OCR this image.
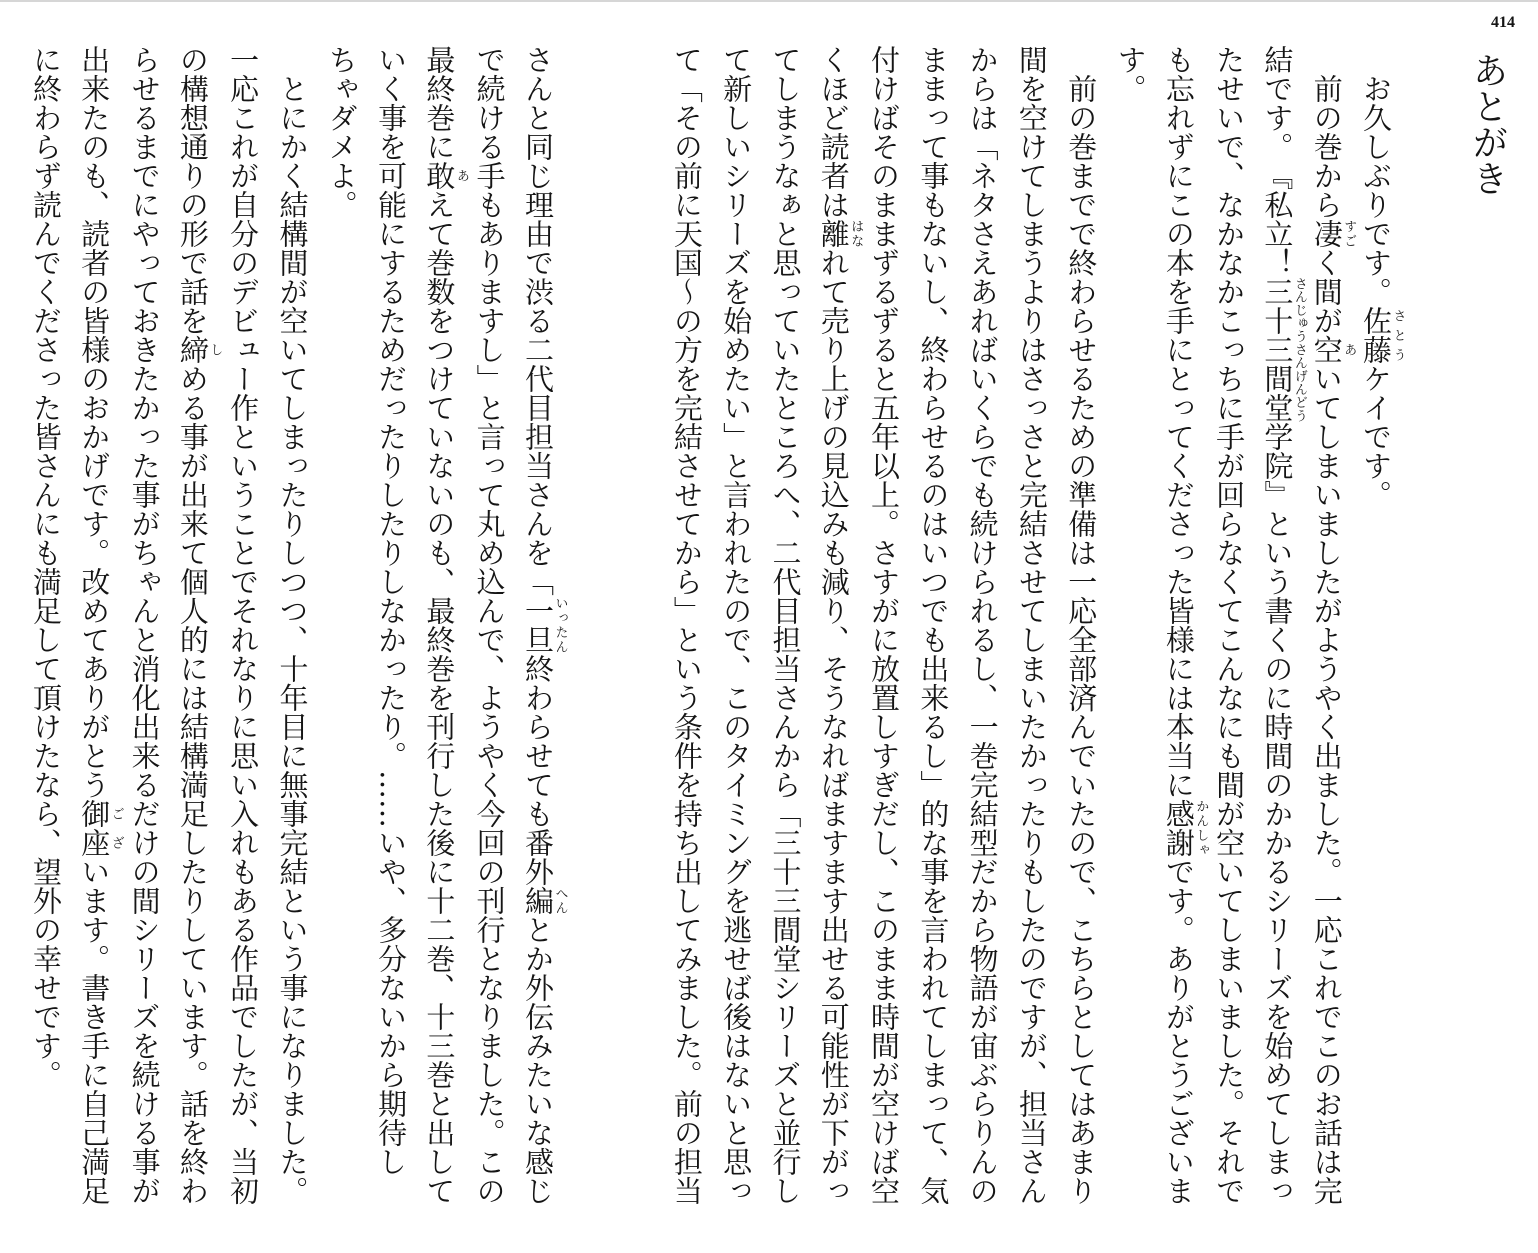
414
あとがき
　お久しぶりです。佐藤さとうケイです。
　前の巻から凄すごく間が空あいてしまいましたがようやく出ました。一応これでこのお話は完
結です。『私立！三十三間堂さんじゅうさんげんどう学院』という書くのに時間のかかるシリーズを始めてしまっ
たせいで、なかなかこっちに手が回らなくてこんなにも間が空いてしまいました。それで
も忘れずにこの本を手にとってくださった皆様には本当に感謝かんしゃです。ありがとうございま
す。
　前の巻までで終わらせるための準備は一応全部済んでいたので、こちらとしてはあまり
間を空けてしまうよりはさっさと完結させてしまいたかったりもしたのですが、担当さん
からは「ネタさえあればいくらでも続けられるし、一巻完結型だから物語が宙ぶらりんの
ままって事もないし、終わらせるのはいつでも出来るし」的な事を言われてしまって、気
付けばそのままずるずると五年以上。さすがに放置しすぎだし、このまま時間が空けば空
くほど読者は離はなれて売り上げの見込みも減り、そうなればますます出せる可能性が下がっ
てしまうなぁと思っていたところへ、二代目担当さんから「三十三間堂シリーズと並行し
て新しいシリーズを始めたい」と言われたので、このタイミングを逃せば後はないと思っ
て「その前に天国〜の方を完結させてから」という条件を持ち出してみました。前の担当
さんと同じ理由で渋る二代目担当さんを「一旦いったん終わらせても番外編へんとか外伝みたいな感じ
で続ける手もありますし」と言って丸め込んで、ようやく今回の刊行となりました。この
最終巻に敢あえて巻数をつけていないのも、最終巻を刊行した後に十二巻、十三巻と出して
いく事を可能にするためだったりしたりしなかったり。……いや、多分ないから期待し
ちゃダメよ。
　とにかく結構間が空いてしまったりしつつ、十年目に無事完結という事になりました。
一応これが自分のデビュー作ということでそれなりに思い入れもある作品でしたが、当初
の構想通りの形で話を締しめる事が出来て個人的には結構満足したりしています。話を終わ
らせるまでにやっておきたかった事がちゃんと消化出来るだけの間シリーズを続ける事が
出来たのも、読者の皆様のおかげです。改めてありがとう御座ございます。書き手に自己満足
に終わらず読んでくださった皆さんにも満足して頂けたなら、望外の幸せです。
